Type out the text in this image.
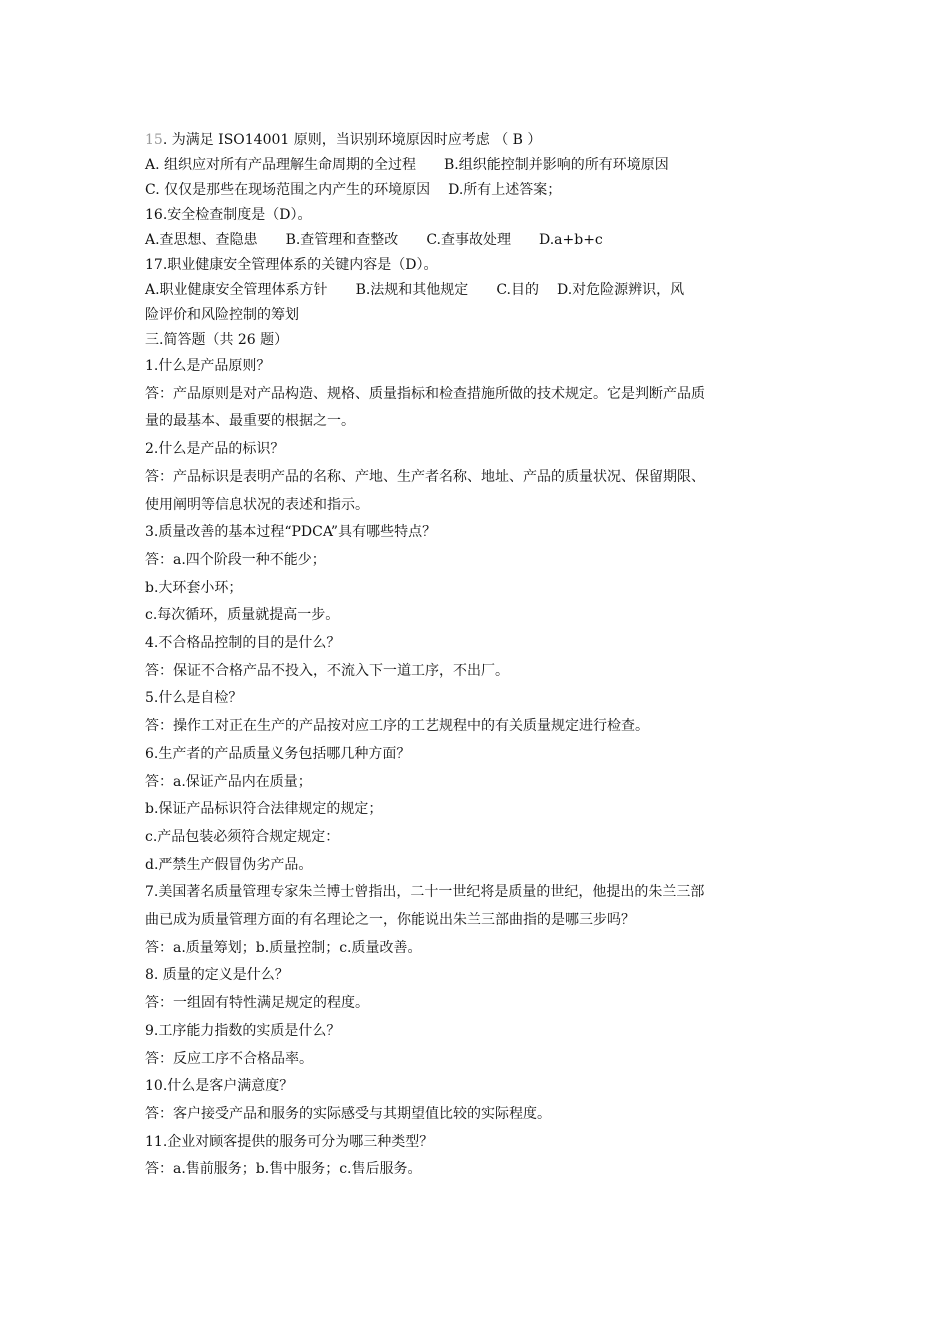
15. 为满足 ISO14001 原则，当识别环境原因时应考虑 （ B ）
A. 组织应对所有产品理解生命周期的全过程 B.组织能控制并影响的所有环境原因
C. 仅仅是那些在现场范围之内产生的环境原因 D.所有上述答案；
16.安全检查制度是（D）。
A.查思想、查隐患 B.查管理和查整改 C.查事故处理 D.a+b+c
17.职业健康安全管理体系的关键内容是（D）。
A.职业健康安全管理体系方针 B.法规和其他规定 C.目的 D.对危险源辨识，风
险评价和风险控制的筹划
三.简答题（共 26 题）
1.什么是产品原则？
答：产品原则是对产品构造、规格、质量指标和检查措施所做的技术规定。它是判断产品质
量的最基本、最重要的根据之一。
2.什么是产品的标识？
答：产品标识是表明产品的名称、产地、生产者名称、地址、产品的质量状况、保留期限、
使用阐明等信息状况的表述和指示。
3.质量改善的基本过程“PDCA”具有哪些特点？
答：a.四个阶段一种不能少；
b.大环套小环；
c.每次循环，质量就提高一步。
4.不合格品控制的目的是什么？
答：保证不合格产品不投入，不流入下一道工序，不出厂。
5.什么是自检？
答：操作工对正在生产的产品按对应工序的工艺规程中的有关质量规定进行检查。
6.生产者的产品质量义务包括哪几种方面？
答：a.保证产品内在质量；
b.保证产品标识符合法律规定的规定；
c.产品包装必须符合规定规定：
d.严禁生产假冒伪劣产品。
7.美国著名质量管理专家朱兰博士曾指出，二十一世纪将是质量的世纪，他提出的朱兰三部
曲已成为质量管理方面的有名理论之一，你能说出朱兰三部曲指的是哪三步吗？
答：a.质量筹划；b.质量控制；c.质量改善。
8. 质量的定义是什么？
答：一组固有特性满足规定的程度。
9.工序能力指数的实质是什么？
答：反应工序不合格品率。
10.什么是客户满意度？
答：客户接受产品和服务的实际感受与其期望值比较的实际程度。
11.企业对顾客提供的服务可分为哪三种类型？
答：a.售前服务；b.售中服务；c.售后服务。
